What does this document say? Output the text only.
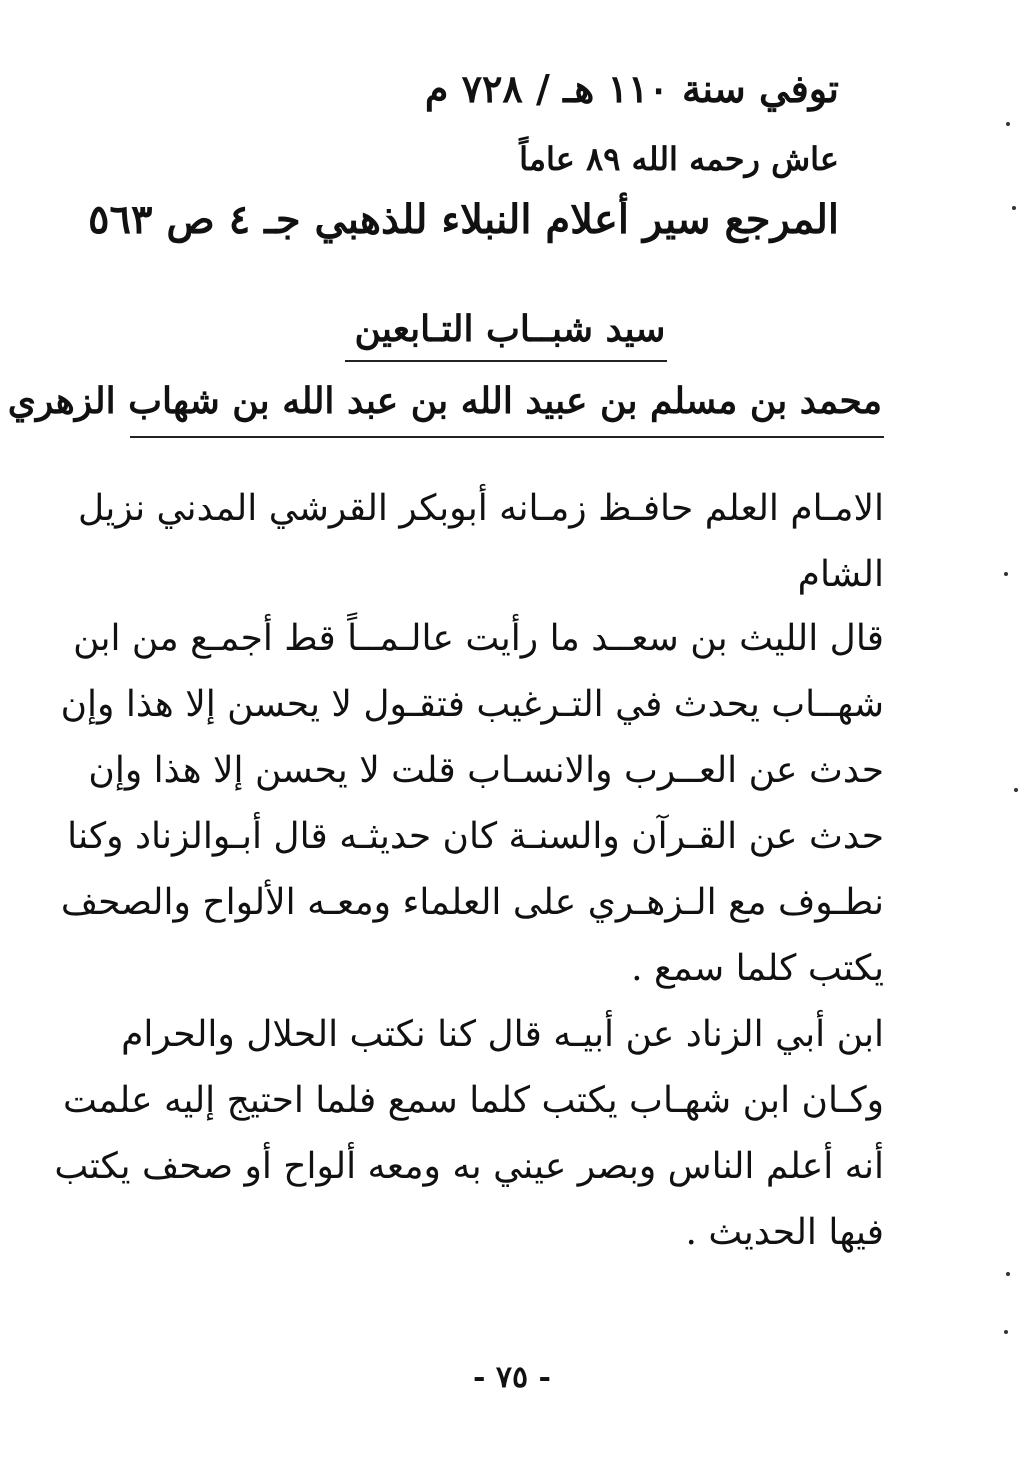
توفي سنة ١١٠ هـ / ٧٢٨ م
عاش رحمه الله ٨٩ عاماً
المرجع سير أعلام النبلاء للذهبي جـ ٤ ص ٥٦٣
سيد شبــاب التـابعين
محمد بن مسلم بن عبيد الله بن عبد الله بن شهاب الزهري
الامـام العلم حافـظ زمـانه أبوبكر القرشي المدني نزيل
الشام
قال الليث بن سعــد ما رأيت عالـمــاً قط أجمـع من ابن
شهــاب يحدث في التـرغيب فتقـول لا يحسن إلا هذا وإن
حدث عن العــرب والانسـاب قلت لا يحسن إلا هذا وإن
حدث عن القـرآن والسنـة كان حديثـه قال أبـوالزناد وكنا
نطـوف مع الـزهـري على العلماء ومعـه الألواح والصحف
يكتب كلما سمع .
ابن أبي الزناد عن أبيـه قال كنا نكتب الحلال والحرام
وكـان ابن شهـاب يكتب كلما سمع فلما احتيج إليه علمت
أنه أعلم الناس وبصر عيني به ومعه ألواح أو صحف يكتب
فيها الحديث .
- ٧٥ -
